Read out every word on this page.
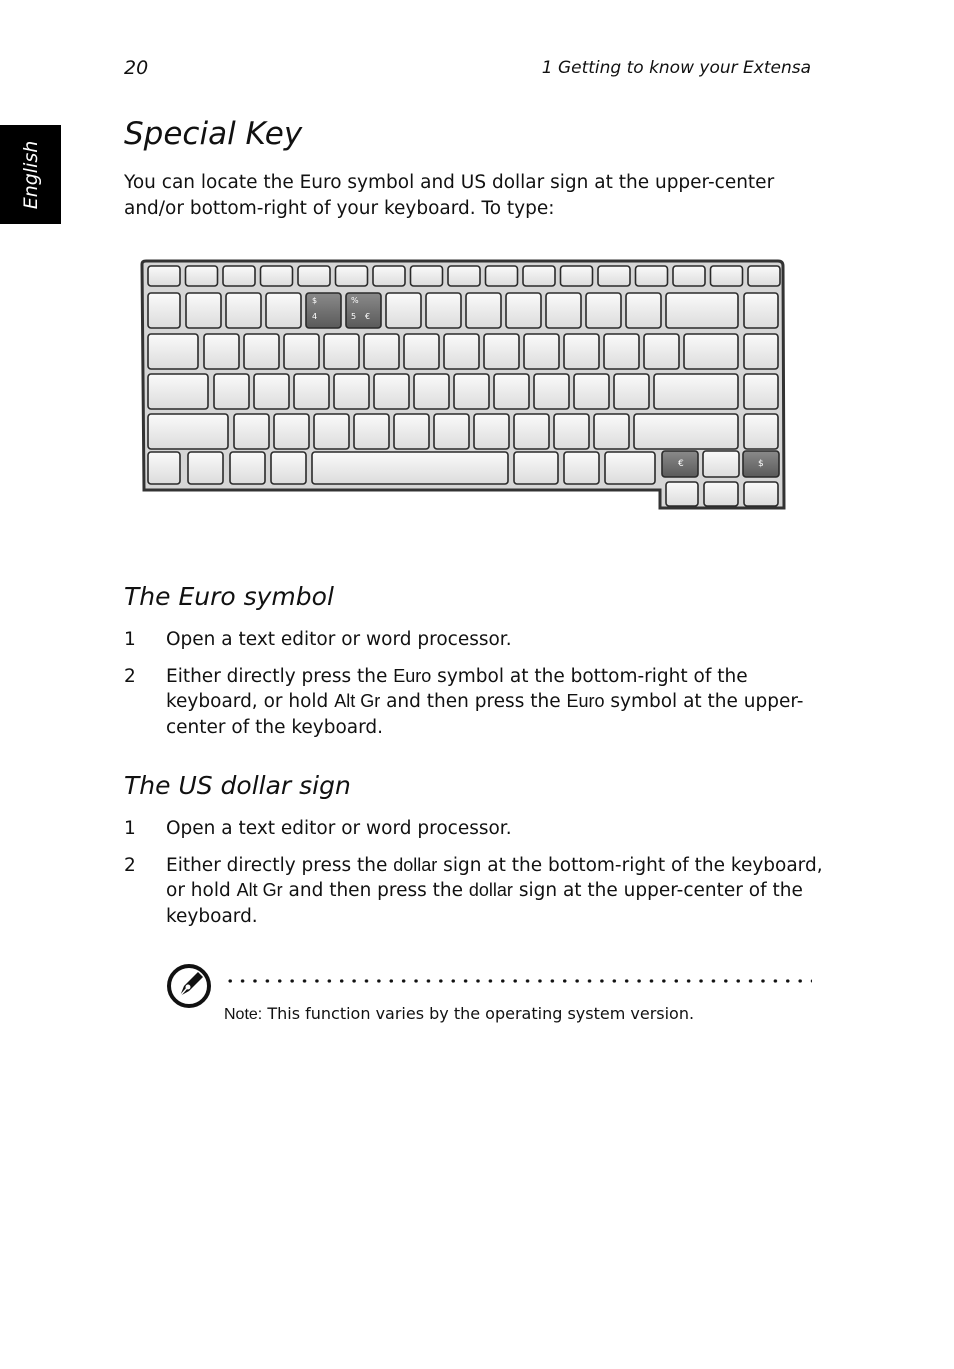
20	1 Getting to know your Extensa
English
Special Key

You can locate the Euro symbol and US dollar sign at the upper-center and/or bottom-right of your keyboard. To type:

$
4
%
5 €
€	$
The Euro symbol
1 Open a text editor or word processor.
2 Either directly press the Euro symbol at the bottom-right of the keyboard, or hold Alt Gr and then press the Euro symbol at the upper-center of the keyboard.
The US dollar sign
1 Open a text editor or word processor.
2 Either directly press the dollar sign at the bottom-right of the keyboard, or hold Alt Gr and then press the dollar sign at the upper-center of the keyboard.
Note: This function varies by the operating system version.
